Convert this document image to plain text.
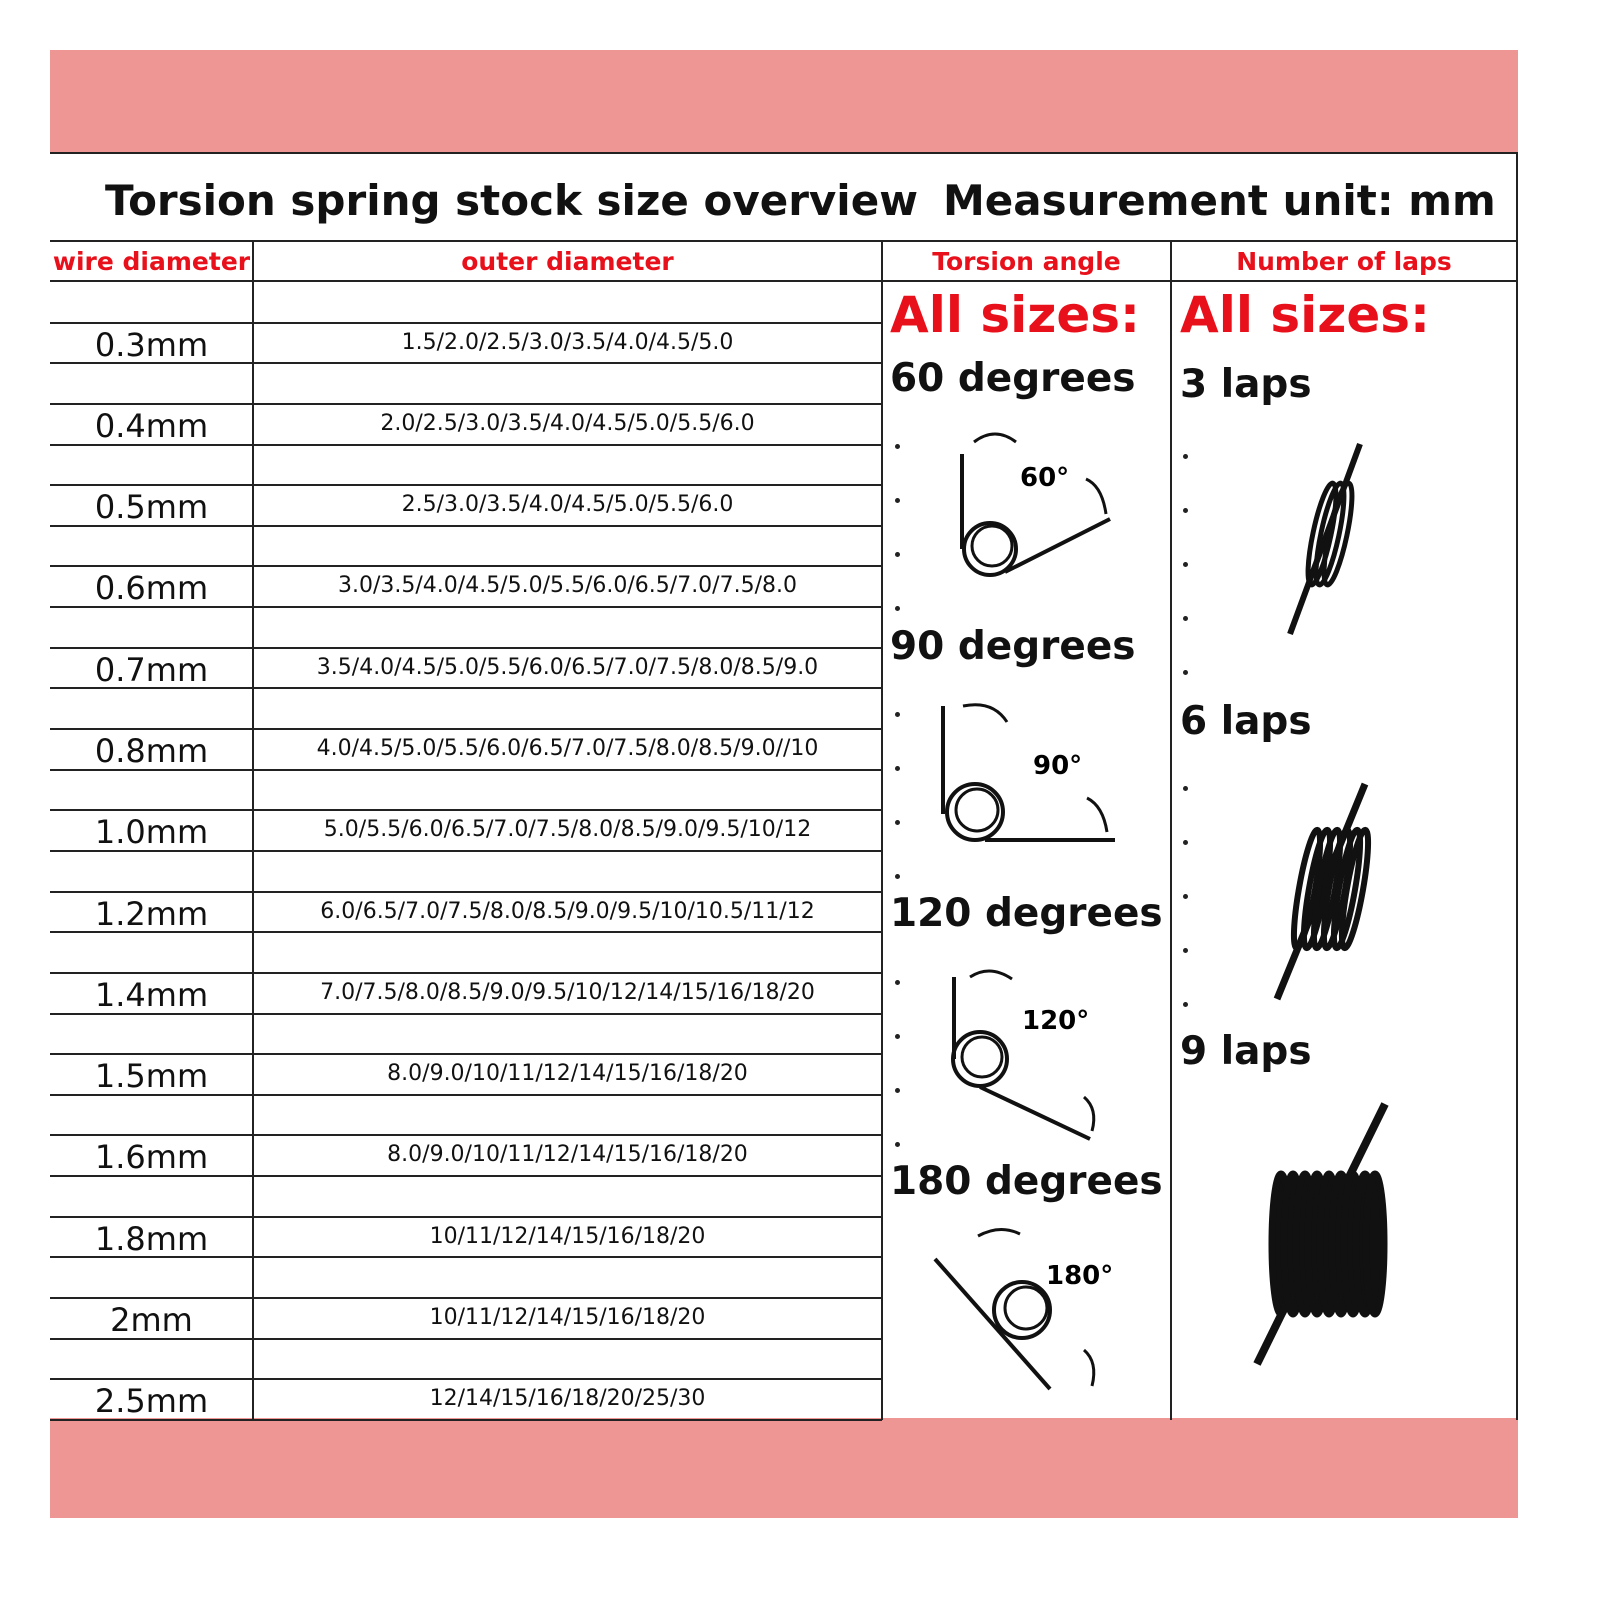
Torsion spring stock size overview Measurement unit: mm
wire diameter	outer diameter	Torsion angle	Number of laps
0.3mm	1.5/2.0/2.5/3.0/3.5/4.0/4.5/5.0
0.4mm	2.0/2.5/3.0/3.5/4.0/4.5/5.0/5.5/6.0
0.5mm	2.5/3.0/3.5/4.0/4.5/5.0/5.5/6.0
0.6mm	3.0/3.5/4.0/4.5/5.0/5.5/6.0/6.5/7.0/7.5/8.0
0.7mm	3.5/4.0/4.5/5.0/5.5/6.0/6.5/7.0/7.5/8.0/8.5/9.0
0.8mm	4.0/4.5/5.0/5.5/6.0/6.5/7.0/7.5/8.0/8.5/9.0//10
1.0mm	5.0/5.5/6.0/6.5/7.0/7.5/8.0/8.5/9.0/9.5/10/12
1.2mm	6.0/6.5/7.0/7.5/8.0/8.5/9.0/9.5/10/10.5/11/12
1.4mm	7.0/7.5/8.0/8.5/9.0/9.5/10/12/14/15/16/18/20
1.5mm	8.0/9.0/10/11/12/14/15/16/18/20
1.6mm	8.0/9.0/10/11/12/14/15/16/18/20
1.8mm	10/11/12/14/15/16/18/20
2mm	10/11/12/14/15/16/18/20
2.5mm	12/14/15/16/18/20/25/30
All sizes:
60 degrees
90 degrees
120 degrees
180 degrees
60°
90°
120°
180°
All sizes:
3 laps
6 laps
9 laps
